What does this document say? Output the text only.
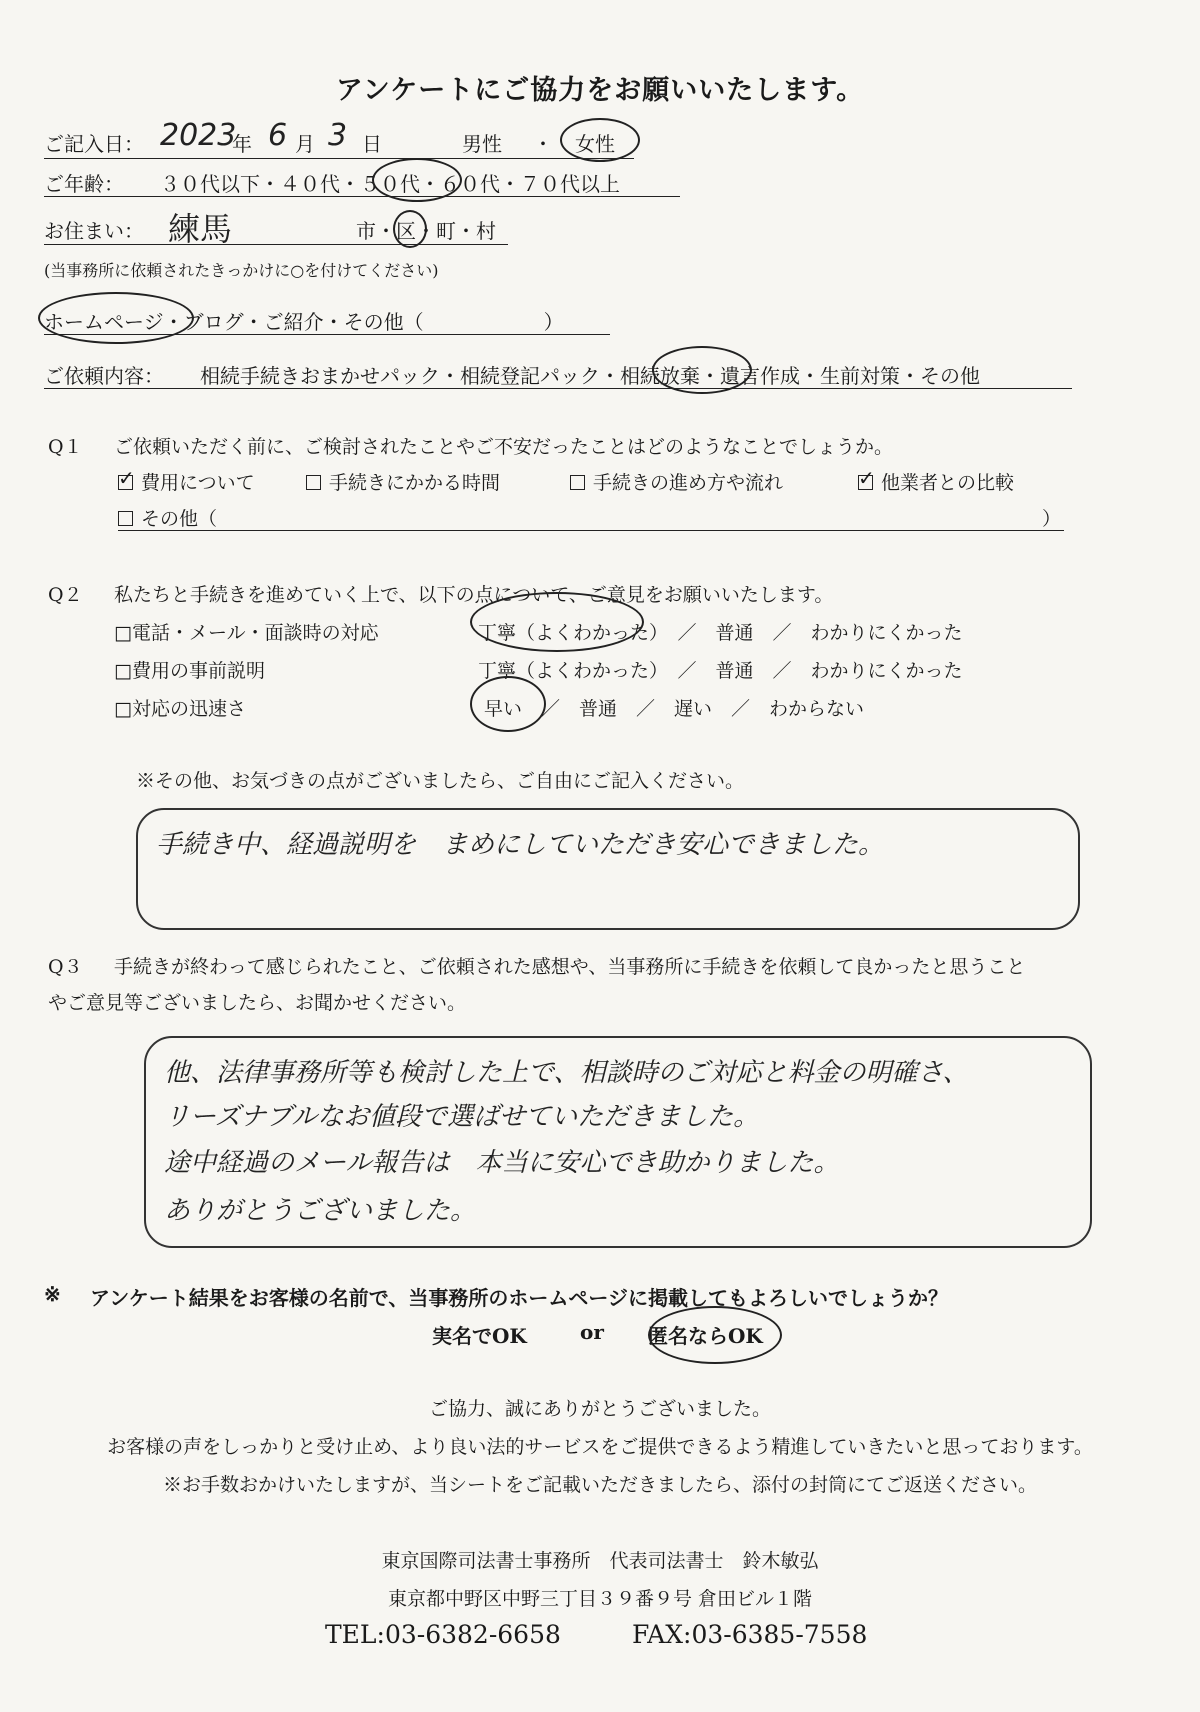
アンケートにご協力をお願いいたします。
ご記入日： 2023
年 6 月 3 日	男性 ・ 女性
ご年齢： ３０代以下・４０代・５０代・６０代・７０代以上
お住まい： 練馬	市・区・町・村
(当事務所に依頼されたきっかけに○を付けてください)
ホームページ・ブログ・ご紹介・その他（　　　　　　）
ご依頼内容： 相続手続きおまかせパック・相続登記パック・相続放棄・遺言作成・生前対策・その他
Q１ ご依頼いただく前に、ご検討されたことやご不安だったことはどのようなことでしょうか。
✓費用について	手続きにかかる時間	手続きの進め方や流れ
✓	他業者との比較
その他（	）
Q２ 私たちと手続きを進めていく上で、以下の点について、ご意見をお願いいたします。
□電話・メール・面談時の対応	丁寧（よくわかった）　／　普通　／　わかりにくかった
□費用の事前説明	丁寧（よくわかった）　／　普通　／　わかりにくかった
□対応の迅速さ	早い　／　普通　／　遅い　／　わからない
※その他、お気づきの点がございましたら、ご自由にご記入ください。
手続き中、経過説明を　まめにしていただき安心できました。
Q３ 手続きが終わって感じられたこと、ご依頼された感想や、当事務所に手続きを依頼して良かったと思うこと
やご意見等ございましたら、お聞かせください。
他、法律事務所等も検討した上で、相談時のご対応と料金の明確さ、
リーズナブルなお値段で選ばせていただきました。
途中経過のメール報告は　本当に安心でき助かりました。
ありがとうございました。
※ アンケート結果をお客様の名前で、当事務所のホームページに掲載してもよろしいでしょうか？
実名でOK	or 匿名ならOK
ご協力、誠にありがとうございました。
お客様の声をしっかりと受け止め、より良い法的サービスをご提供できるよう精進していきたいと思っております。
※お手数おかけいたしますが、当シートをご記載いただきましたら、添付の封筒にてご返送ください。
東京国際司法書士事務所　代表司法書士　鈴木敏弘
東京都中野区中野三丁目３９番９号 倉田ビル１階
TEL:03-6382-6658	FAX:03-6385-7558
